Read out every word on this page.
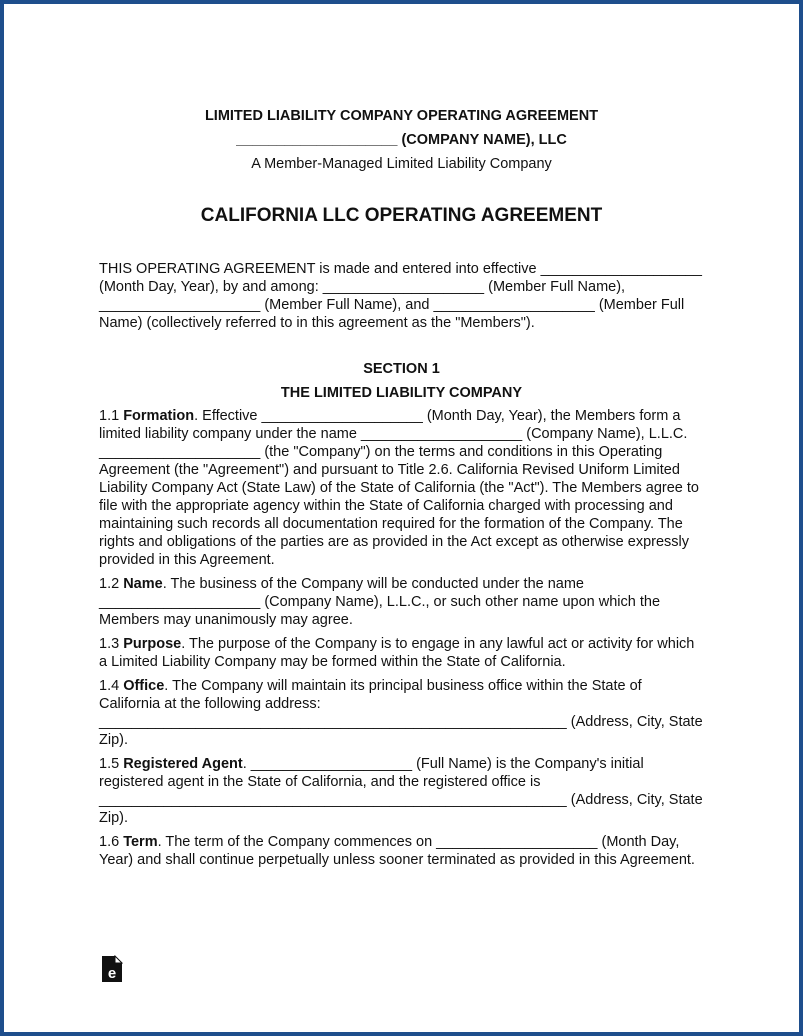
LIMITED LIABILITY COMPANY OPERATING AGREEMENT
____________________ (COMPANY NAME), LLC
A Member-Managed Limited Liability Company
CALIFORNIA LLC OPERATING AGREEMENT
THIS OPERATING AGREEMENT is made and entered into effective ____________________ (Month Day, Year), by and among: ____________________ (Member Full Name), ____________________ (Member Full Name), and ____________________ (Member Full Name) (collectively referred to in this agreement as the "Members").
SECTION 1
THE LIMITED LIABILITY COMPANY
1.1 Formation. Effective ____________________ (Month Day, Year), the Members form a limited liability company under the name ____________________ (Company Name), L.L.C. ____________________ (the "Company") on the terms and conditions in this Operating Agreement (the "Agreement") and pursuant to Title 2.6. California Revised Uniform Limited Liability Company Act (State Law) of the State of California (the "Act"). The Members agree to file with the appropriate agency within the State of California charged with processing and maintaining such records all documentation required for the formation of the Company. The rights and obligations of the parties are as provided in the Act except as otherwise expressly provided in this Agreement.
1.2 Name. The business of the Company will be conducted under the name ____________________ (Company Name), L.L.C., or such other name upon which the Members may unanimously may agree.
1.3 Purpose. The purpose of the Company is to engage in any lawful act or activity for which a Limited Liability Company may be formed within the State of California.
1.4 Office. The Company will maintain its principal business office within the State of California at the following address: __________________________________________________________ (Address, City, State Zip).
1.5 Registered Agent. ____________________ (Full Name) is the Company's initial registered agent in the State of California, and the registered office is __________________________________________________________ (Address, City, State Zip).
1.6 Term. The term of the Company commences on ____________________ (Month Day, Year) and shall continue perpetually unless sooner terminated as provided in this Agreement.
e
